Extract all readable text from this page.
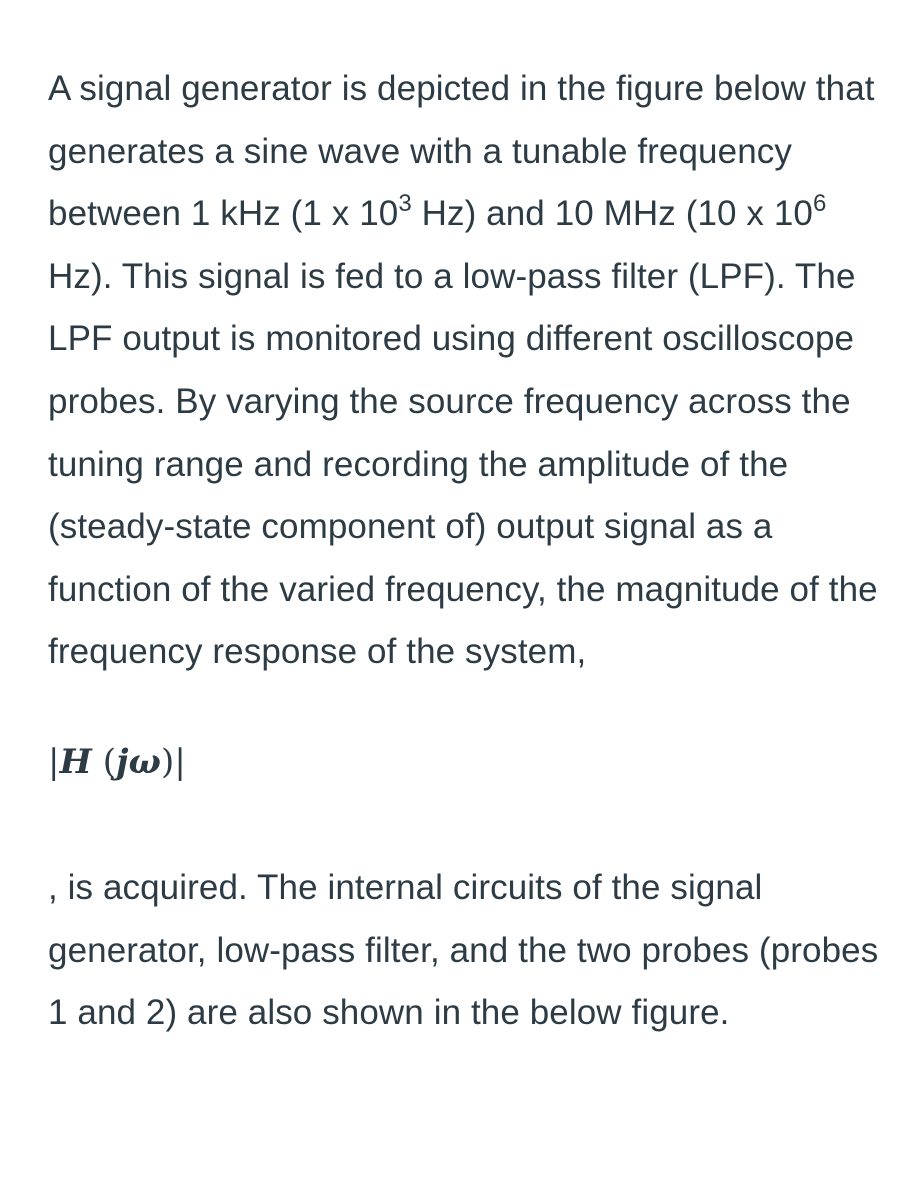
A signal generator is depicted in the figure below that generates a sine wave with a tunable frequency between 1 kHz (1 x $10^3$ Hz) and 10 MHz (10 x $10^6$ Hz). This signal is fed to a low-pass filter (LPF). The LPF output is monitored using different oscilloscope probes. By varying the source frequency across the tuning range and recording the amplitude of the (steady-state component of) output signal as a function of the varied frequency, the magnitude of the frequency response of the system,

|H (jω)|

, is acquired. The internal circuits of the signal generator, low-pass filter, and the two probes (probes 1 and 2) are also shown in the below figure.
